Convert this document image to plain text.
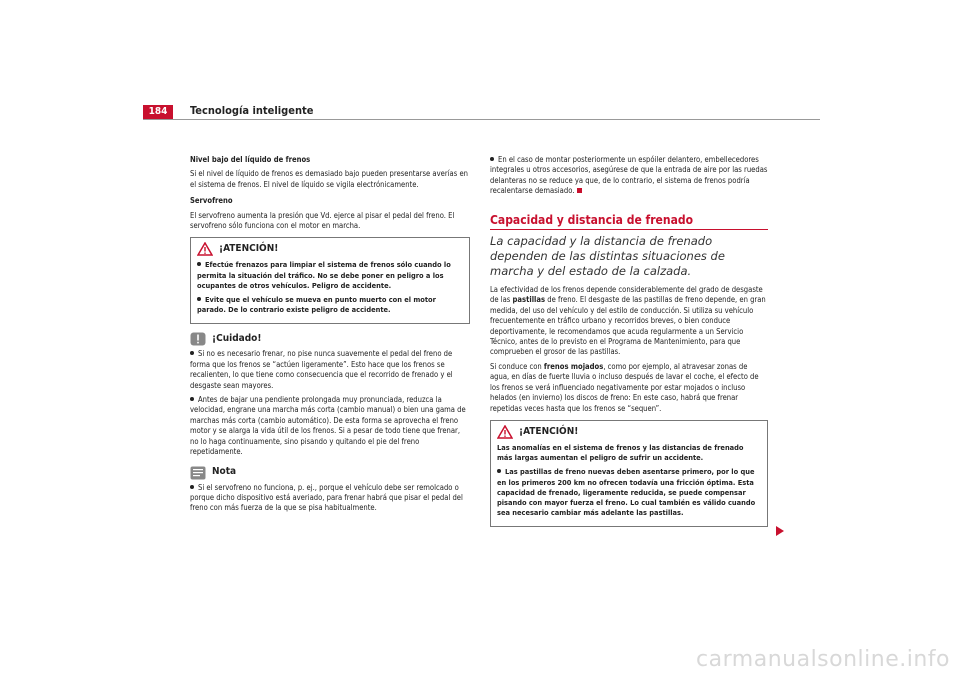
184	Tecnología inteligente

Nivel bajo del líquido de frenos

Si el nivel de líquido de frenos es demasiado bajo pueden presentarse averías en el sistema de frenos. El nivel de líquido se vigila electrónicamente.

Servofreno

El servofreno aumenta la presión que Vd. ejerce al pisar el pedal del freno. El servofreno sólo funciona con el motor en marcha.

¡ATENCIÓN!

Efectúe frenazos para limpiar el sistema de frenos sólo cuando lo permita la situación del tráfico. No se debe poner en peligro a los ocupantes de otros vehículos. Peligro de accidente.

Evite que el vehículo se mueva en punto muerto con el motor parado. De lo contrario existe peligro de accidente.

¡Cuidado!

Si no es necesario frenar, no pise nunca suavemente el pedal del freno de forma que los frenos se “actúen ligeramente”. Esto hace que los frenos se recalienten, lo que tiene como consecuencia que el recorrido de frenado y el desgaste sean mayores.

Antes de bajar una pendiente prolongada muy pronunciada, reduzca la velocidad, engrane una marcha más corta (cambio manual) o bien una gama de marchas más corta (cambio automático). De esta forma se aprovecha el freno motor y se alarga la vida útil de los frenos. Si a pesar de todo tiene que frenar, no lo haga continuamente, sino pisando y quitando el pie del freno repetidamente.

Nota

Si el servofreno no funciona, p. ej., porque el vehículo debe ser remolcado o porque dicho dispositivo está averiado, para frenar habrá que pisar el pedal del freno con más fuerza de la que se pisa habitualmente.

En el caso de montar posteriormente un espóiler delantero, embellecedores integrales u otros accesorios, asegúrese de que la entrada de aire por las ruedas delanteras no se reduce ya que, de lo contrario, el sistema de frenos podría recalentarse demasiado.

Capacidad y distancia de frenado
La capacidad y la distancia de frenado dependen de las distintas situaciones de marcha y del estado de la calzada.

La efectividad de los frenos depende considerablemente del grado de desgaste de las pastillas de freno. El desgaste de las pastillas de freno depende, en gran medida, del uso del vehículo y del estilo de conducción. Si utiliza su vehículo frecuentemente en tráfico urbano y recorridos breves, o bien conduce deportivamente, le recomendamos que acuda regularmente a un Servicio Técnico, antes de lo previsto en el Programa de Mantenimiento, para que comprueben el grosor de las pastillas.

Si conduce con frenos mojados, como por ejemplo, al atravesar zonas de agua, en días de fuerte lluvia o incluso después de lavar el coche, el efecto de los frenos se verá influenciado negativamente por estar mojados o incluso helados (en invierno) los discos de freno: En este caso, habrá que frenar repetidas veces hasta que los frenos se “sequen”.

¡ATENCIÓN!

Las anomalías en el sistema de frenos y las distancias de frenado más largas aumentan el peligro de sufrir un accidente.

Las pastillas de freno nuevas deben asentarse primero, por lo que en los primeros 200 km no ofrecen todavía una fricción óptima. Esta capacidad de frenado, ligeramente reducida, se puede compensar pisando con mayor fuerza el freno. Lo cual también es válido cuando sea necesario cambiar más adelante las pastillas.

carmanualsonline.info
